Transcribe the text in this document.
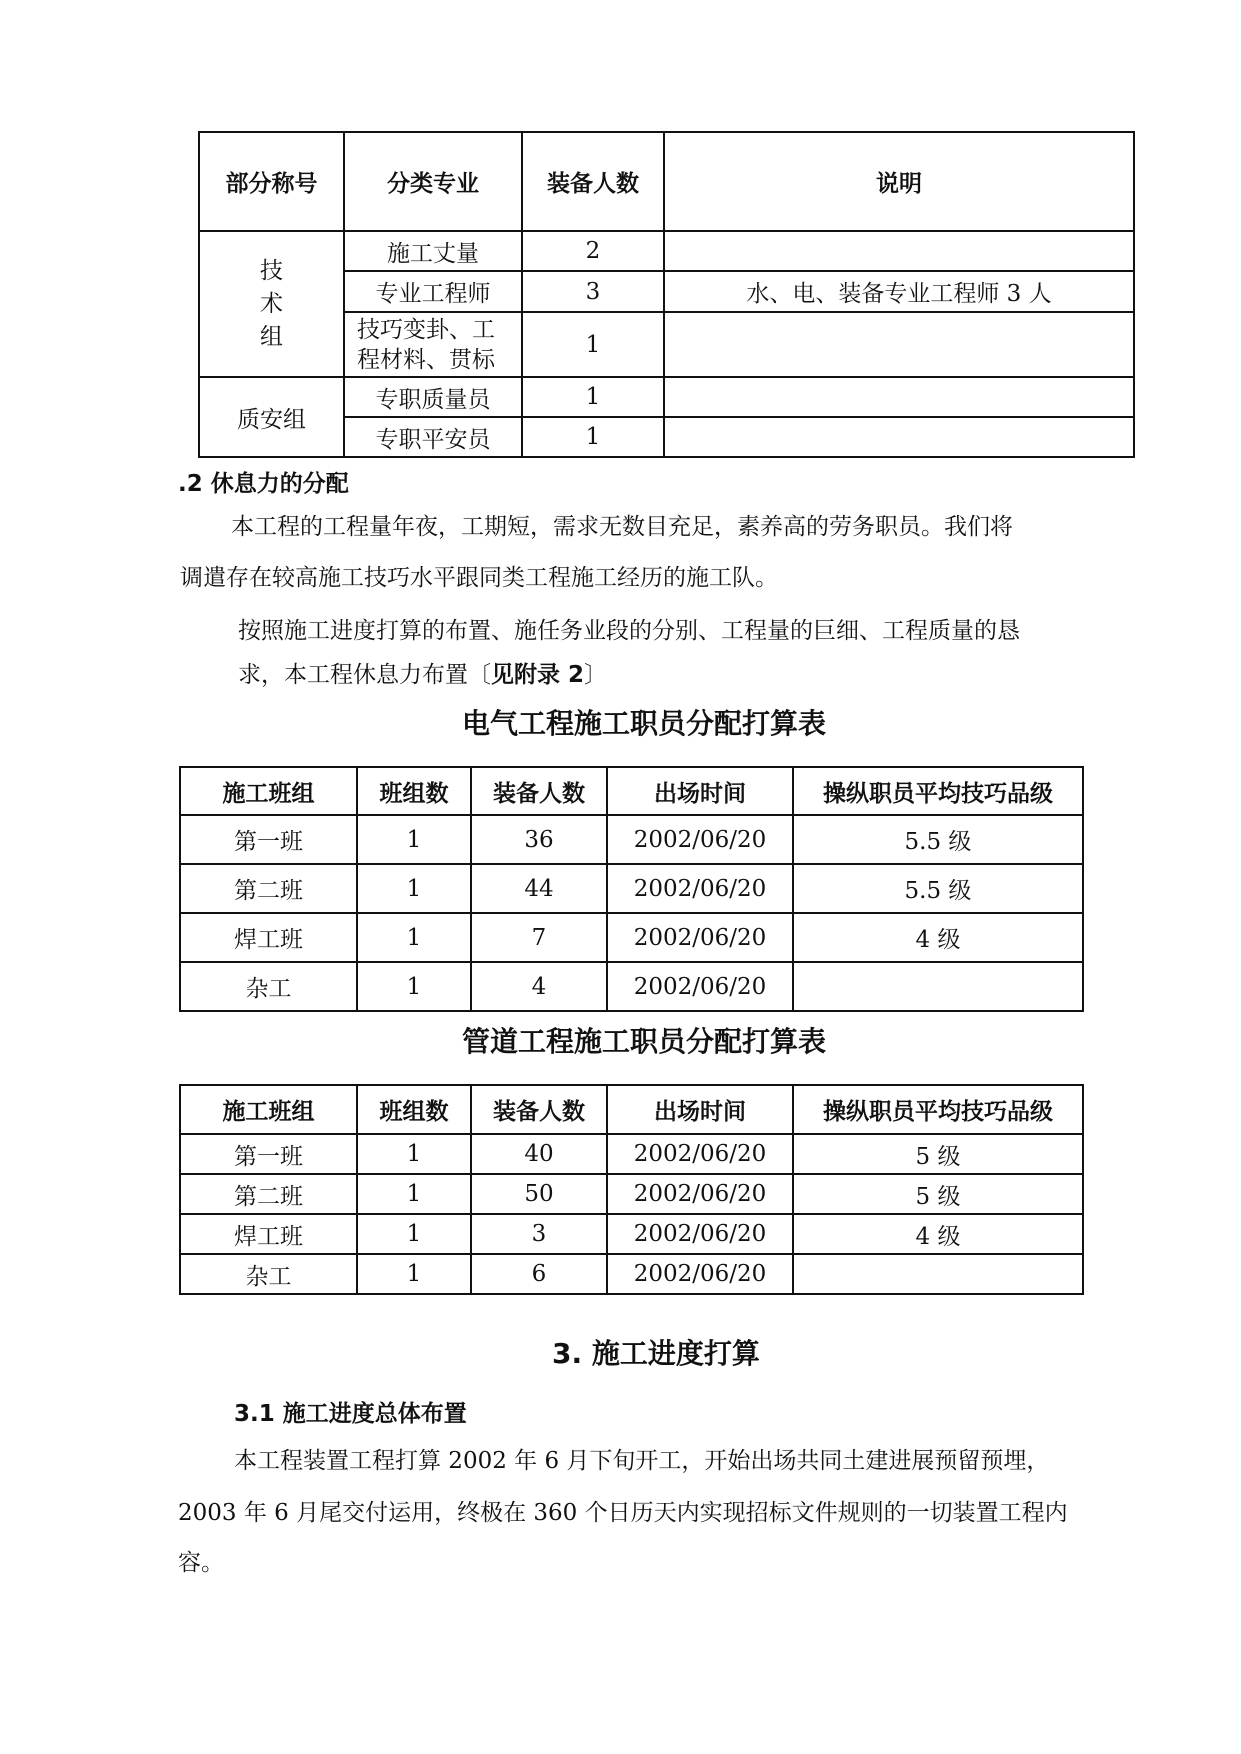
部分称号	分类专业	装备人数	说明

技
术
组	施工丈量	2	
	专业工程师	3	水、电、装备专业工程师 3 人

	技巧变卦、工
程材料、贯标	1	
质安组	专职质量员	1	
	专职平安员	1	
.2 休息力的分配
本工程的工程量年夜，工期短，需求无数目充足，素养高的劳务职员。我们将
调遣存在较高施工技巧水平跟同类工程施工经历的施工队。
按照施工进度打算的布置、施任务业段的分别、工程量的巨细、工程质量的恳
求，本工程休息力布置〔见附录 2〕
电气工程施工职员分配打算表
施工班组	班组数	装备人数	出场时间	操纵职员平均技巧品级
第一班	1	36	2002/06/20	5.5 级
第二班	1	44	2002/06/20	5.5 级
焊工班	1	7	2002/06/20	4 级
杂工	1	4	2002/06/20	
管道工程施工职员分配打算表
施工班组	班组数	装备人数	出场时间	操纵职员平均技巧品级
第一班	1	40	2002/06/20	5 级
第二班	1	50	2002/06/20	5 级
焊工班	1	3	2002/06/20	4 级
杂工	1	6	2002/06/20	
3. 施工进度打算
3.1 施工进度总体布置
本工程装置工程打算 2002 年 6 月下旬开工，开始出场共同土建进展预留预埋，
2003 年 6 月尾交付运用，终极在 360 个日历天内实现招标文件规则的一切装置工程内
容。
